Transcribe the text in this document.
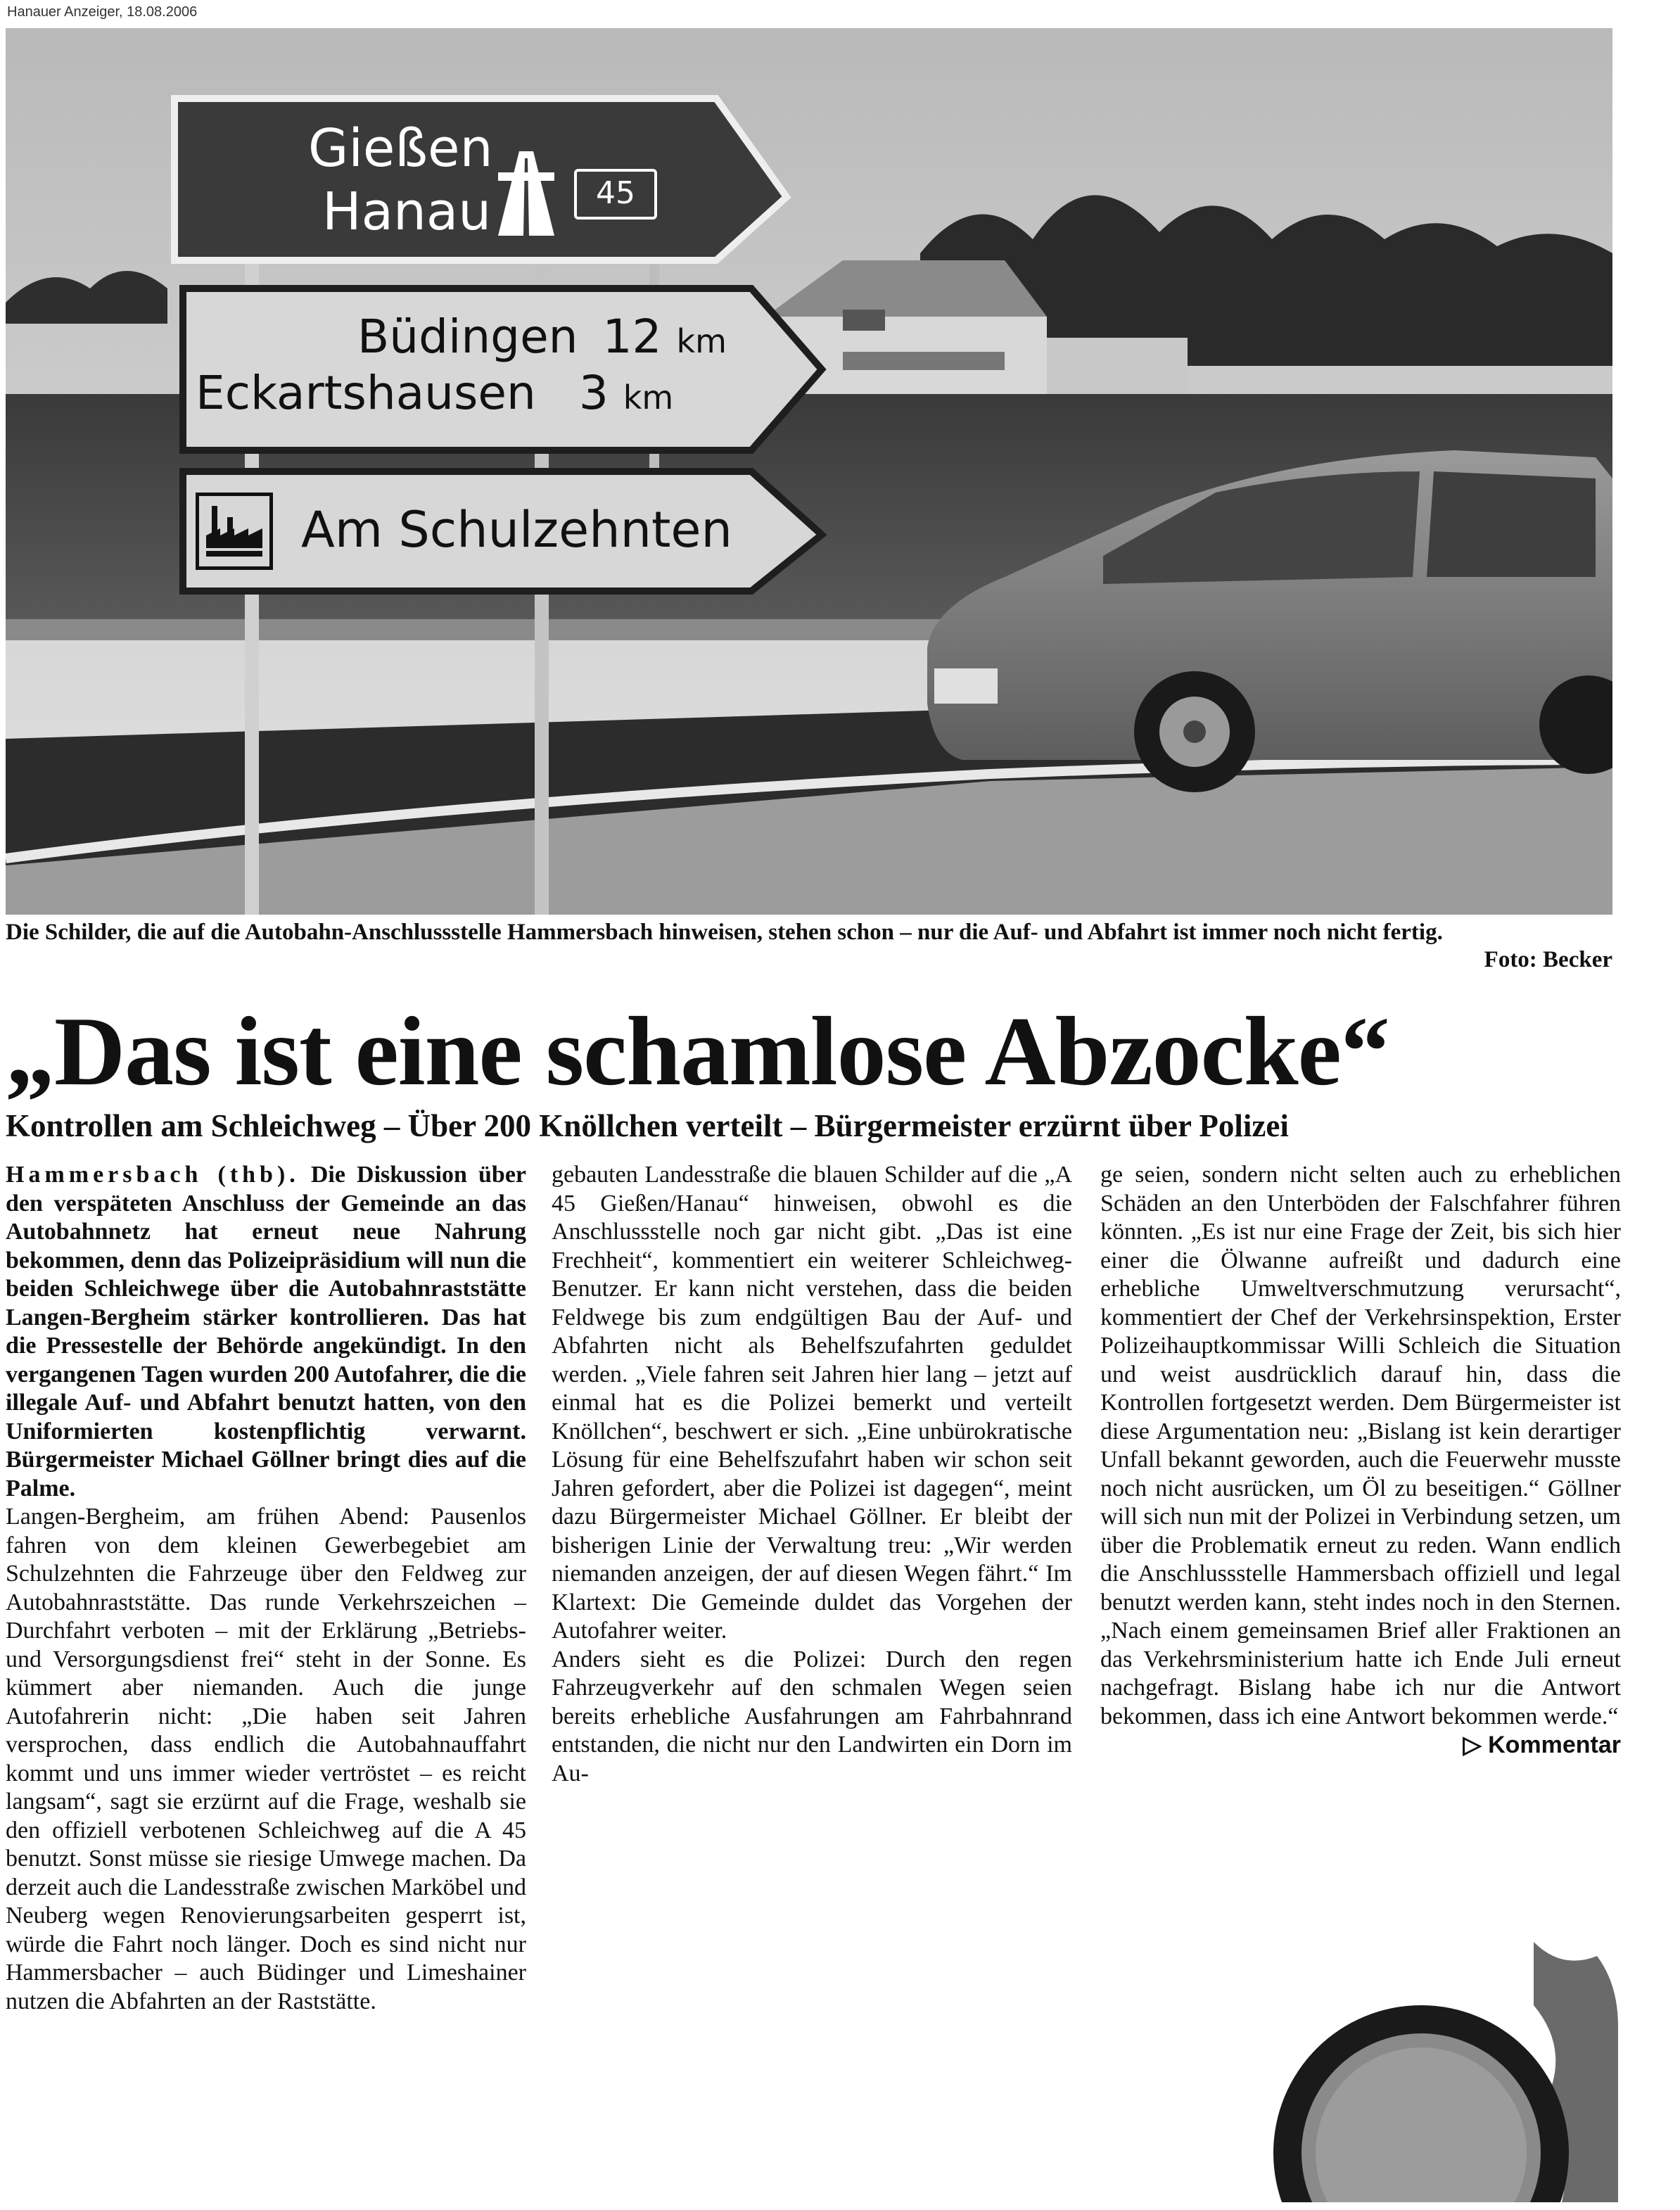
Hanauer Anzeiger, 18.08.2006
Gießen
Hanau	45
Büdingen 12 km
Eckartshausen 3 km
Am Schulzehnten
Die Schilder, die auf die Autobahn-Anschlussstelle Hammersbach hinweisen, stehen schon – nur die Auf- und Abfahrt ist immer noch nicht fertig.
Foto: Becker
„Das ist eine schamlose Abzocke“
Kontrollen am Schleichweg – Über 200 Knöllchen verteilt – Bürgermeister erzürnt über Polizei

Hammersbach (thb). Die Diskussion über den verspäteten Anschluss der Gemeinde an das Autobahnnetz hat erneut neue Nahrung bekommen, denn das Polizeipräsidium will nun die beiden Schleichwege über die Autobahnraststätte Langen-Bergheim stärker kontrollieren. Das hat die Pressestelle der Behörde angekündigt. In den vergangenen Tagen wurden 200 Autofahrer, die die illegale Auf- und Abfahrt benutzt hatten, von den Uniformierten kostenpflichtig verwarnt. Bürgermeister Michael Göllner bringt dies auf die Palme.

Langen-Bergheim, am frühen Abend: Pausenlos fahren von dem kleinen Gewerbegebiet am Schulzehnten die Fahrzeuge über den Feldweg zur Autobahnraststätte. Das runde Verkehrszeichen – Durchfahrt verboten – mit der Erklärung „Betriebs- und Versorgungsdienst frei“ steht in der Sonne. Es kümmert aber niemanden. Auch die junge Autofahrerin nicht: „Die haben seit Jahren versprochen, dass endlich die Autobahnauffahrt kommt und uns immer wieder vertröstet – es reicht langsam“, sagt sie erzürnt auf die Frage, weshalb sie den offiziell verbotenen Schleichweg auf die A 45 benutzt. Sonst müsse sie riesige Umwege machen. Da derzeit auch die Landesstraße zwischen Marköbel und Neuberg wegen Renovierungsarbeiten gesperrt ist, würde die Fahrt noch länger. Doch es sind nicht nur Hammersbacher – auch Büdinger und Limeshainer nutzen die Abfahrten an der Raststätte.

gebauten Landesstraße die blauen Schilder auf die „A 45 Gießen/Hanau“ hinweisen, obwohl es die Anschlussstelle noch gar nicht gibt. „Das ist eine Frechheit“, kommentiert ein weiterer Schleichweg-Benutzer. Er kann nicht verstehen, dass die beiden Feldwege bis zum endgültigen Bau der Auf- und Abfahrten nicht als Behelfszufahrten geduldet werden. „Viele fahren seit Jahren hier lang – jetzt auf einmal hat es die Polizei bemerkt und verteilt Knöllchen“, beschwert er sich. „Eine unbürokratische Lösung für eine Behelfszufahrt haben wir schon seit Jahren gefordert, aber die Polizei ist dagegen“, meint dazu Bürgermeister Michael Göllner. Er bleibt der bisherigen Linie der Verwaltung treu: „Wir werden niemanden anzeigen, der auf diesen Wegen fährt.“ Im Klartext: Die Gemeinde duldet das Vorgehen der Autofahrer weiter.

Anders sieht es die Polizei: Durch den regen Fahrzeugverkehr auf den schmalen Wegen seien bereits erhebliche Ausfahrungen am Fahrbahnrand entstanden, die nicht nur den Landwirten ein Dorn im Au-

ge seien, sondern nicht selten auch zu erheblichen Schäden an den Unterböden der Falschfahrer führen könnten. „Es ist nur eine Frage der Zeit, bis sich hier einer die Ölwanne aufreißt und dadurch eine erhebliche Umweltverschmutzung verursacht“, kommentiert der Chef der Verkehrsinspektion, Erster Polizeihauptkommissar Willi Schleich die Situation und weist ausdrücklich darauf hin, dass die Kontrollen fortgesetzt werden. Dem Bürgermeister ist diese Argumentation neu: „Bislang ist kein derartiger Unfall bekannt geworden, auch die Feuerwehr musste noch nicht ausrücken, um Öl zu beseitigen.“ Göllner will sich nun mit der Polizei in Verbindung setzen, um über die Problematik erneut zu reden. Wann endlich die Anschlussstelle Hammersbach offiziell und legal benutzt werden kann, steht indes noch in den Sternen. „Nach einem gemeinsamen Brief aller Fraktionen an das Verkehrsministerium hatte ich Ende Juli erneut nachgefragt. Bislang habe ich nur die Antwort bekommen, dass ich eine Antwort bekommen werde.“
▷ Kommentar
